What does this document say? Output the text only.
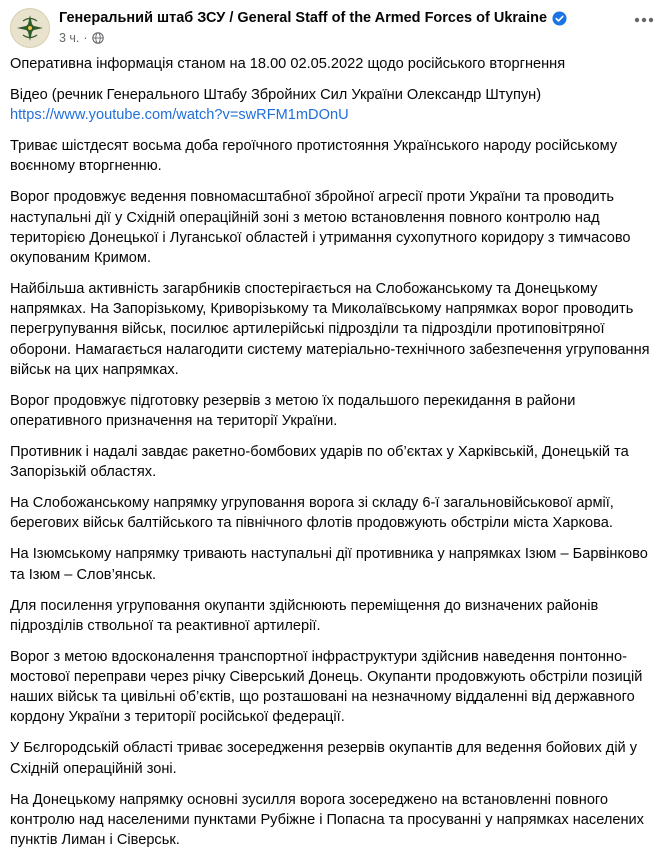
Генеральний штаб ЗСУ / General Staff of the Armed Forces of Ukraine
3 ч. ·

Оперативна інформація станом на 18.00 02.05.2022 щодо російського вторгнення

Відео (речник Генерального Штабу Збройних Сил України Олександр Штупун)

https://www.youtube.com/watch?v=swRFM1mDOnU

Триває шістдесят восьма доба героїчного протистояння Українського народу російському воєнному вторгненню.

Ворог продовжує ведення повномасштабної збройної агресії проти України та проводить наступальні дії у Східній операційній зоні з метою встановлення повного контролю над територією Донецької і Луганської областей і утримання сухопутного коридору з тимчасово окупованим Кримом.

Найбільша активність загарбників спостерігається на Слобожанському та Донецькому напрямках. На Запорізькому, Криворізькому та Миколаївському напрямках ворог проводить перегрупування військ, посилює артилерійські підрозділи та підрозділи протиповітряної оборони. Намагається налагодити систему матеріально-технічного забезпечення угруповання військ на цих напрямках.

Ворог продовжує підготовку резервів з метою їх подальшого перекидання в райони оперативного призначення на території України.

Противник і надалі завдає ракетно-бомбових ударів по об’єктах у Харківській, Донецькій та Запорізькій областях.

На Слобожанському напрямку угруповання ворога зі складу 6-ї загальновійськової армії, берегових військ балтійського та північного флотів продовжують обстріли міста Харкова.

На Ізюмському напрямку тривають наступальні дії противника у напрямках Ізюм – Барвінково та Ізюм – Слов’янськ.

Для посилення угруповання окупанти здійснюють переміщення до визначених районів підрозділів ствольної та реактивної артилерії.

Ворог з метою вдосконалення транспортної інфраструктури здійснив наведення понтонно-мостової переправи через річку Сіверський Донець. Окупанти продовжують обстріли позицій наших військ та цивільні об’єктів, що розташовані на незначному віддаленні від державного кордону України з території російської федерації.

У Бєлгородській області триває зосередження резервів окупантів для ведення бойових дій у Східній операційній зоні.

На Донецькому напрямку основні зусилля ворога зосереджено на встановленні повного контролю над населеними пунктами Рубіжне і Попасна та просуванні у напрямках населених пунктів Лиман і Сіверськ.
